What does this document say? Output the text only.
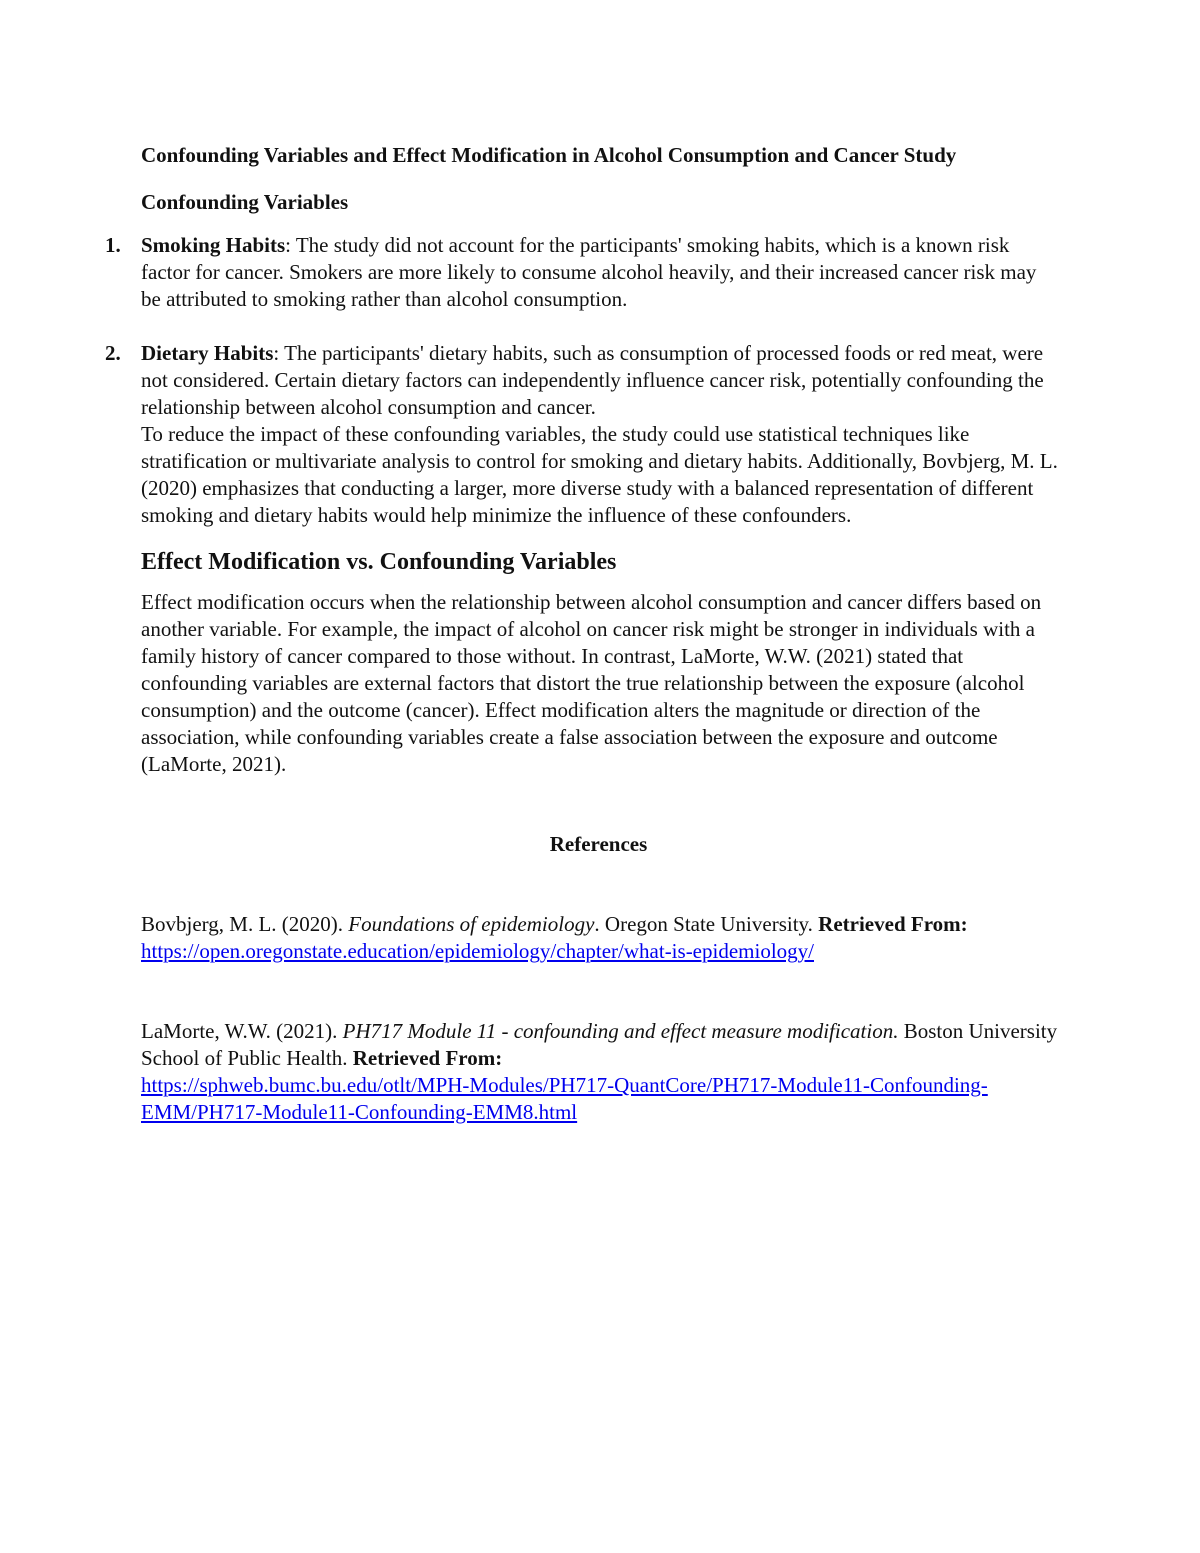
Confounding Variables and Effect Modification in Alcohol Consumption and Cancer Study
Confounding Variables
1. Smoking Habits: The study did not account for the participants' smoking habits, which is a known risk factor for cancer. Smokers are more likely to consume alcohol heavily, and their increased cancer risk may be attributed to smoking rather than alcohol consumption.
2. Dietary Habits: The participants' dietary habits, such as consumption of processed foods or red meat, were not considered. Certain dietary factors can independently influence cancer risk, potentially confounding the relationship between alcohol consumption and cancer.

To reduce the impact of these confounding variables, the study could use statistical techniques like stratification or multivariate analysis to control for smoking and dietary habits. Additionally, Bovbjerg, M. L. (2020) emphasizes that conducting a larger, more diverse study with a balanced representation of different smoking and dietary habits would help minimize the influence of these confounders.

Effect Modification vs. Confounding Variables

Effect modification occurs when the relationship between alcohol consumption and cancer differs based on another variable. For example, the impact of alcohol on cancer risk might be stronger in individuals with a family history of cancer compared to those without. In contrast, LaMorte, W.W. (2021) stated that confounding variables are external factors that distort the true relationship between the exposure (alcohol consumption) and the outcome (cancer). Effect modification alters the magnitude or direction of the association, while confounding variables create a false association between the exposure and outcome (LaMorte, 2021).

References

Bovbjerg, M. L. (2020). Foundations of epidemiology. Oregon State University. Retrieved From: https://open.oregonstate.education/epidemiology/chapter/what-is-epidemiology/

LaMorte, W.W. (2021). PH717 Module 11 - confounding and effect measure modification. Boston University School of Public Health. Retrieved From:
https://sphweb.bumc.bu.edu/otlt/MPH-Modules/PH717-QuantCore/PH717-Module11-Confounding-EMM/PH717-Module11-Confounding-EMM8.html
